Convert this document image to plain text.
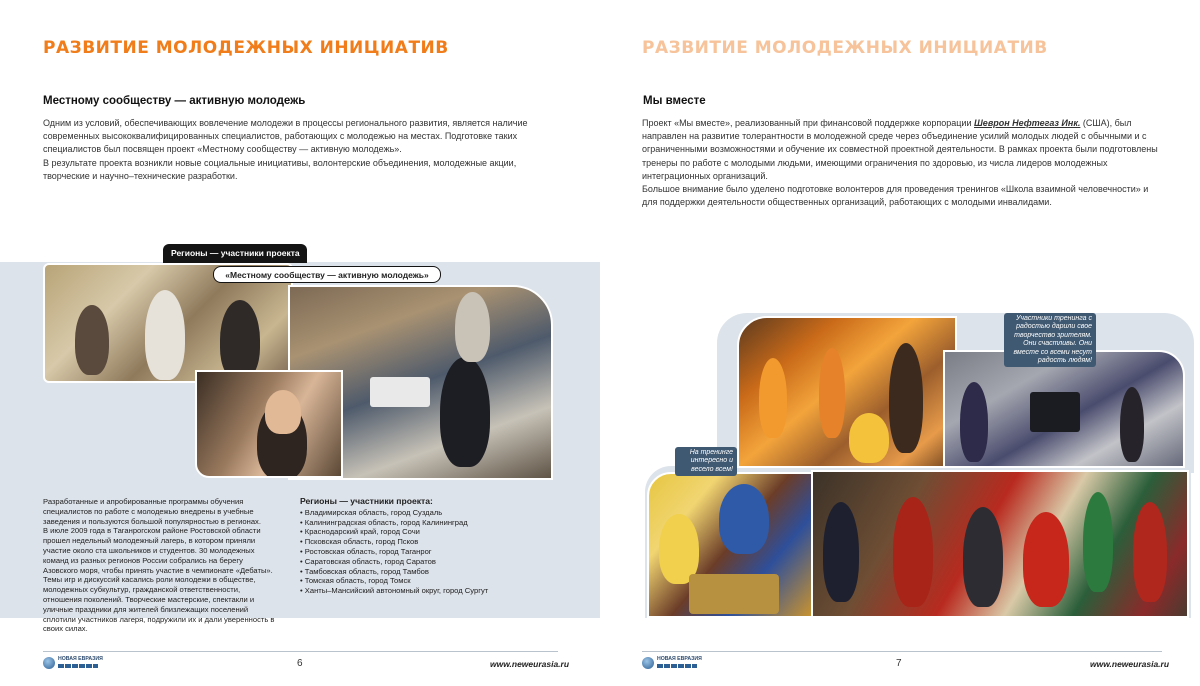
РАЗВИТИЕ МОЛОДЕЖНЫХ ИНИЦИАТИВ
Местному сообществу — активную молодежь

Одним из условий, обеспечивающих вовлечение молодежи в процессы регионального развития, является наличие современных высококвалифицированных специалистов, работающих с молодежью на местах. Подготовке таких специалистов был посвящен проект «Местному сообществу — активную молодежь».

В результате проекта возникли новые социальные инициативы, волонтерские объединения, молодежные акции, творческие и научно–технические разработки.

Регионы — участники проекта
«Местному сообществу — активную молодежь»

Разработанные и апробированные программы обучения специалистов по работе с молодежью внедрены в учебные заведения и пользуются большой популярностью в регионах.

В июле 2009 года в Таганрогском районе Ростовской области прошел недельный молодежный лагерь, в котором приняли участие около ста школьников и студентов. 30 молодежных команд из разных регионов России собрались на берегу Азовского моря, чтобы принять участие в чемпионате «Дебаты».

Темы игр и дискуссий касались роли молодежи в обществе, молодежных субкультур, гражданской ответственности, отношения поколений. Творческие мастерские, спектакли и уличные праздники для жителей близлежащих поселений сплотили участников лагеря, подружили их и дали уверенность в своих силах.

Регионы — участники проекта:
• Владимирская область, город Суздаль
• Калининградская область, город Калининград
• Краснодарский край, город Сочи
• Псковская область, город Псков
• Ростовская область, город Таганрог
• Саратовская область, город Саратов
• Тамбовская область, город Тамбов
• Томская область, город Томск
• Ханты–Мансийский автономный округ, город Сургут
НОВАЯ ЕВРАЗИЯ	6	www.neweurasia.ru
РАЗВИТИЕ МОЛОДЕЖНЫХ ИНИЦИАТИВ
Мы вместе

Проект «Мы вместе», реализованный при финансовой поддержке корпорации Шеврон Нефтегаз Инк. (США), был направлен на развитие толерантности в молодежной среде через объединение усилий молодых людей с обычными и с ограниченными возможностями и обучение их совместной проектной деятельности. В рамках проекта были подготовлены тренеры по работе с молодыми людьми, имеющими ограничения по здоровью, из числа лидеров молодежных интеграционных организаций.

Большое внимание было уделено подготовке волонтеров для проведения тренингов «Школа взаимной человечности» и для поддержки деятельности общественных организаций, работающих с молодыми инвалидами.

Участники тренинга с радостью дарили свое творчество зрителям. Они счастливы. Они вместе со всеми несут радость людям!
На тренинге интересно и весело всем!
НОВАЯ ЕВРАЗИЯ	7	www.neweurasia.ru
